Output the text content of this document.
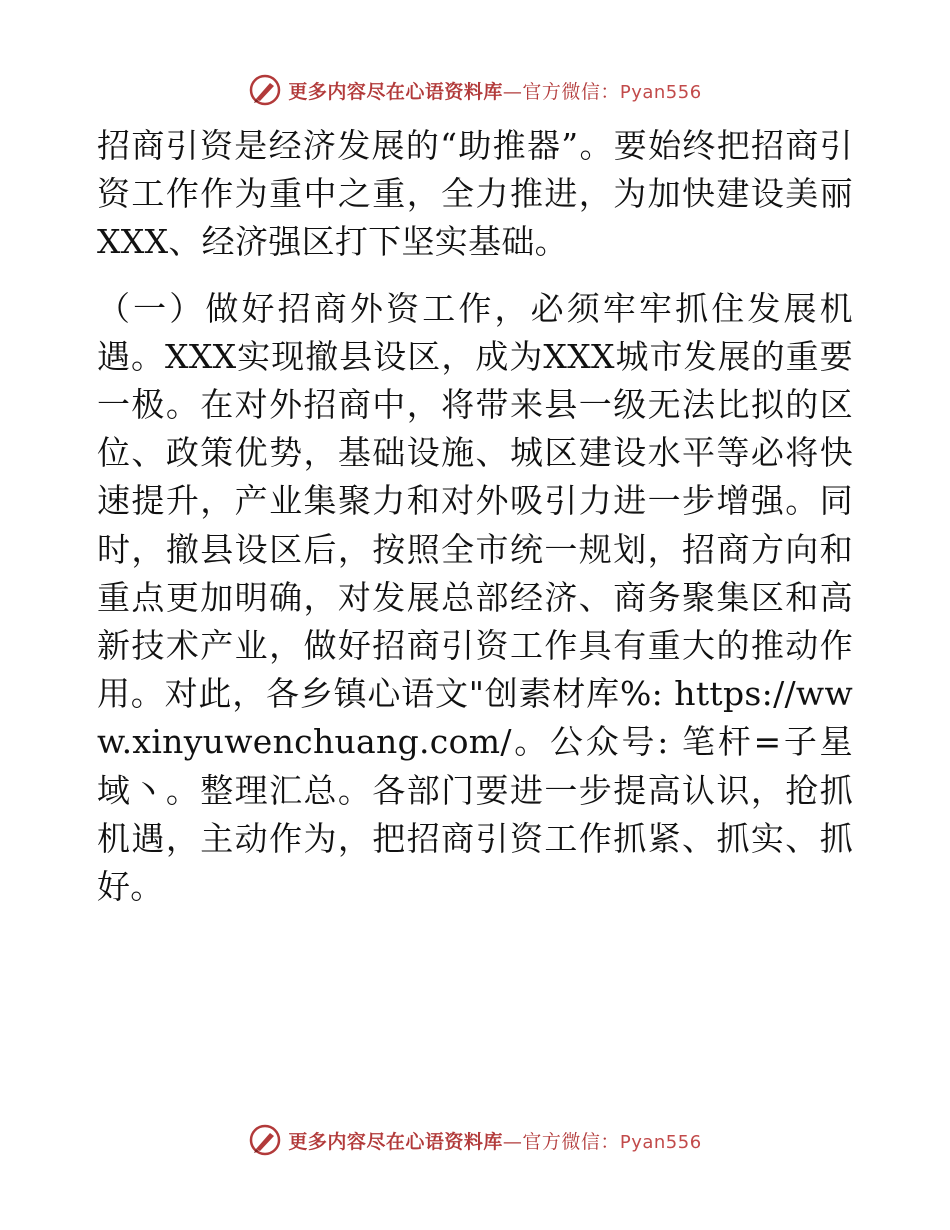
更多内容尽在心语资料库—官方微信：Pyan556

招商引资是经济发展的“助推器”。要始终把招商引资工作作为重中之重，全力推进，为加快建设美丽XXX、经济强区打下坚实基础。

（一）做好招商外资工作，必须牢牢抓住发展机遇。XXX实现撤县设区，成为XXX城市发展的重要一极。在对外招商中，将带来县一级无法比拟的区位、政策优势，基础设施、城区建设水平等必将快速提升，产业集聚力和对外吸引力进一步增强。同时，撤县设区后，按照全市统一规划，招商方向和重点更加明确，对发展总部经济、商务聚集区和高新技术产业，做好招商引资工作具有重大的推动作用。对此，各乡镇心语文"创素材库%: https://www.xinyuwenchuang.com/。公众号: 笔杆=子星域丶。整理汇总。各部门要进一步提高认识，抢抓机遇，主动作为，把招商引资工作抓紧、抓实、抓好。

更多内容尽在心语资料库—官方微信：Pyan556
